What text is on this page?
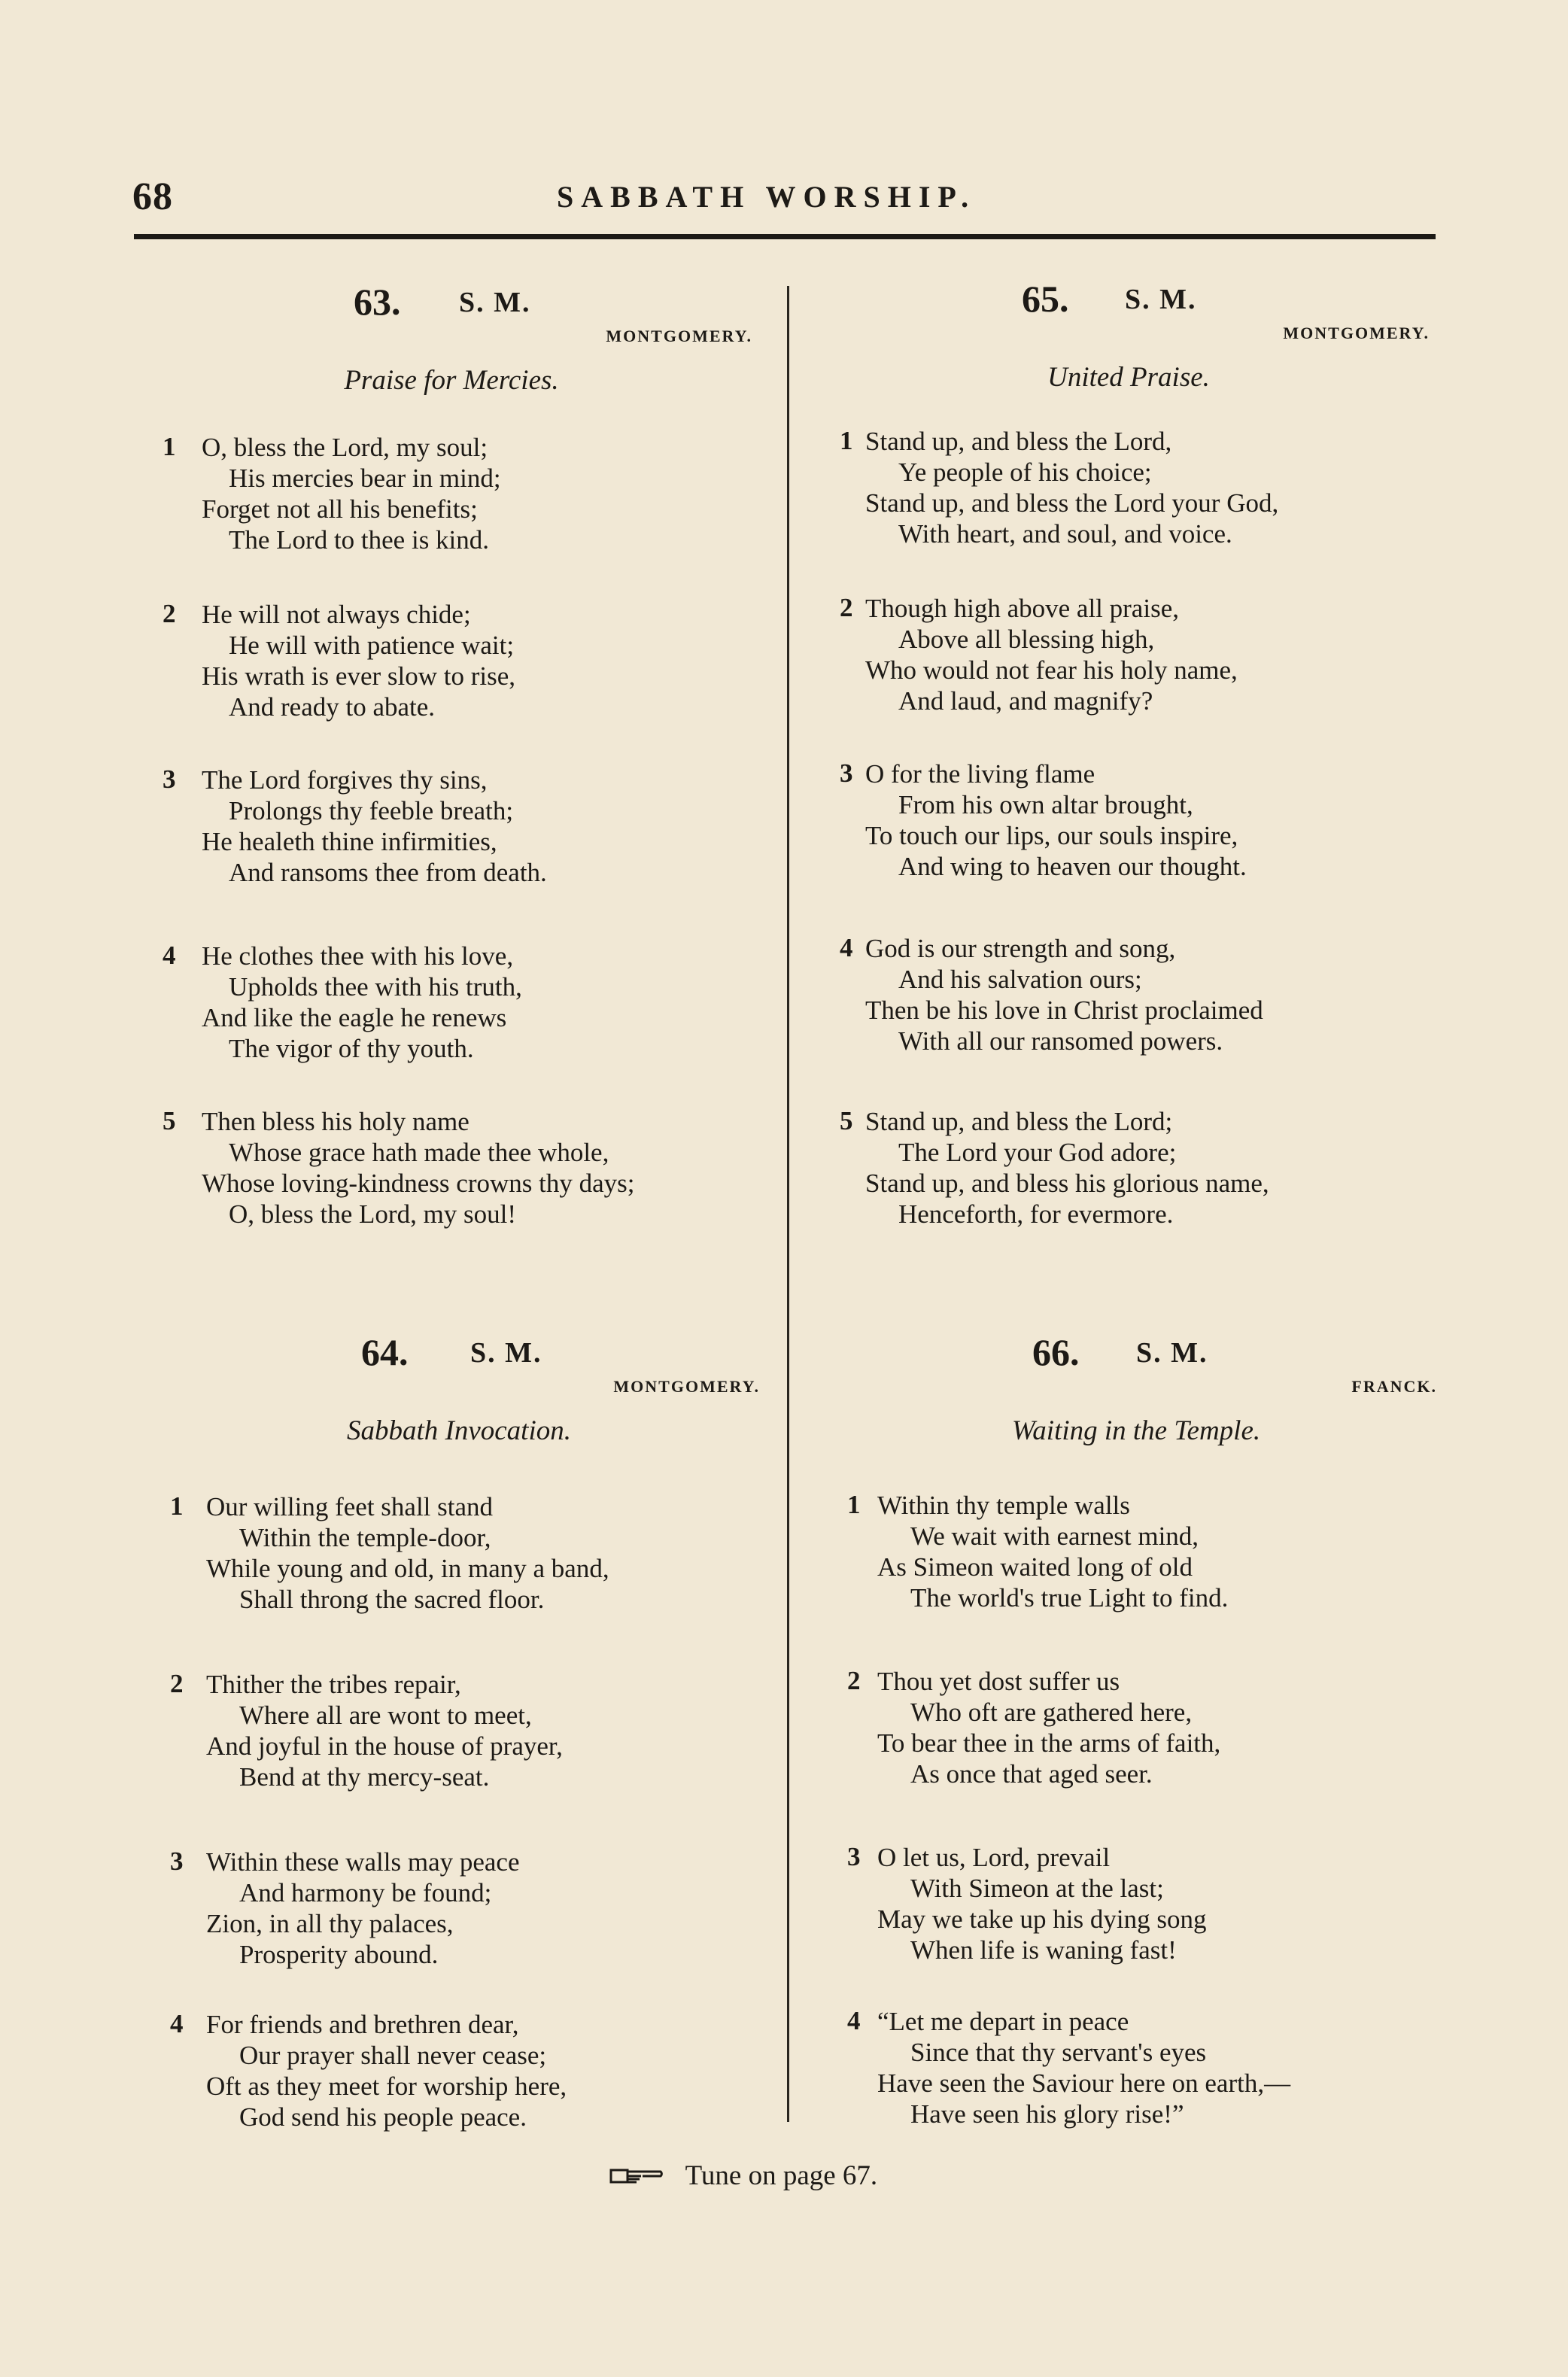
68	SABBATH WORSHIP.
63. S. M.
MONTGOMERY.
Praise for Mercies.
1 O, bless the Lord, my soul;
His mercies bear in mind;
Forget not all his benefits;
The Lord to thee is kind.
2 He will not always chide;
He will with patience wait;
His wrath is ever slow to rise,
And ready to abate.
3 The Lord forgives thy sins,
Prolongs thy feeble breath;
He healeth thine infirmities,
And ransoms thee from death.
4 He clothes thee with his love,
Upholds thee with his truth,
And like the eagle he renews
The vigor of thy youth.
5 Then bless his holy name
Whose grace hath made thee whole,
Whose loving-kindness crowns thy days;
O, bless the Lord, my soul!
64. S. M.
MONTGOMERY.
Sabbath Invocation.
1 Our willing feet shall stand
Within the temple-door,
While young and old, in many a band,
Shall throng the sacred floor.
2 Thither the tribes repair,
Where all are wont to meet,
And joyful in the house of prayer,
Bend at thy mercy-seat.
3 Within these walls may peace
And harmony be found;
Zion, in all thy palaces,
Prosperity abound.
4 For friends and brethren dear,
Our prayer shall never cease;
Oft as they meet for worship here,
God send his people peace.
65. S. M.
MONTGOMERY.
United Praise.
1 Stand up, and bless the Lord,
Ye people of his choice;
Stand up, and bless the Lord your God,
With heart, and soul, and voice.
2 Though high above all praise,
Above all blessing high,
Who would not fear his holy name,
And laud, and magnify?
3 O for the living flame
From his own altar brought,
To touch our lips, our souls inspire,
And wing to heaven our thought.
4 God is our strength and song,
And his salvation ours;
Then be his love in Christ proclaimed
With all our ransomed powers.
5 Stand up, and bless the Lord;
The Lord your God adore;
Stand up, and bless his glorious name,
Henceforth, for evermore.
66. S. M.
FRANCK.
Waiting in the Temple.
1 Within thy temple walls
We wait with earnest mind,
As Simeon waited long of old
The world's true Light to find.
2 Thou yet dost suffer us
Who oft are gathered here,
To bear thee in the arms of faith,
As once that aged seer.
3 O let us, Lord, prevail
With Simeon at the last;
May we take up his dying song
When life is waning fast!
4 “Let me depart in peace
Since that thy servant's eyes
Have seen the Saviour here on earth,—
Have seen his glory rise!”
Tune on page 67.
